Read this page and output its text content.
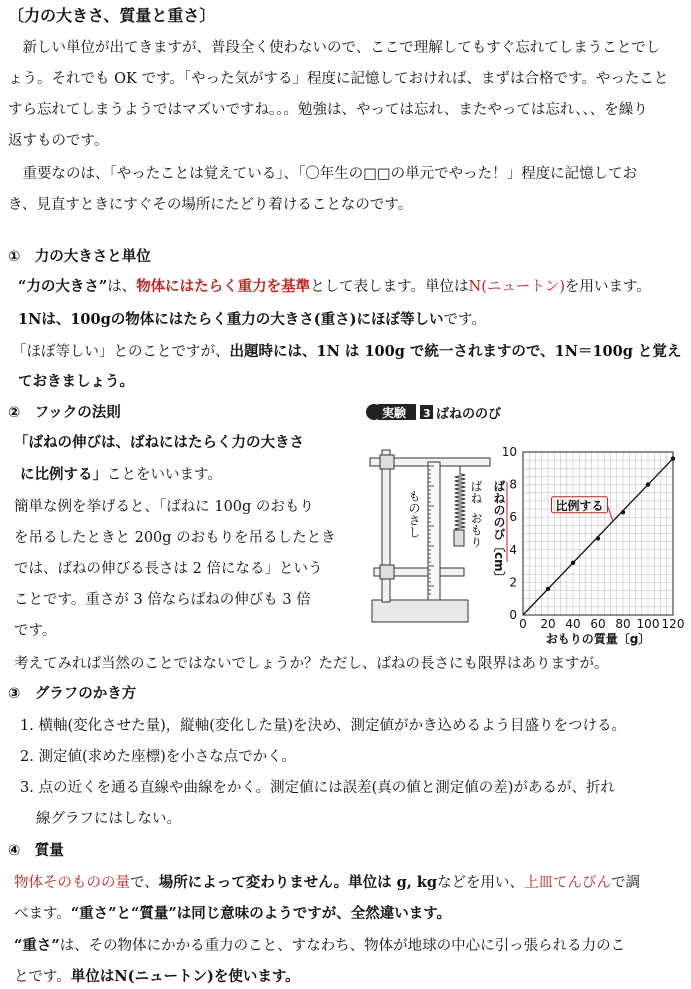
〔力の大きさ、質量と重さ〕
新しい単位が出てきますが、普段全く使わないので、ここで理解してもすぐ忘れてしまうことでし
ょう。それでも OK です。「やった気がする」程度に記憶しておければ、まずは合格です。やったこと
すら忘れてしまうようではマズいですね。。。勉強は、やっては忘れ、またやっては忘れ、、、を繰り
返すものです。
重要なのは、「やったことは覚えている」、「〇年生の□□の単元でやった！」程度に記憶してお
き、見直すときにすぐその場所にたどり着けることなのです。
①　力の大きさと単位
“力の大きさ”は、物体にはたらく重力を基準として表します。単位はN(ニュートン)を用います。
1Nは、100gの物体にはたらく重力の大きさ(重さ)にほぼ等しいです。
「ほぼ等しい」とのことですが、出題時には、1N は 100g で統一されますので、1N＝100g と覚え
ておきましょう。
②　フックの法則
「ばねの伸びは、ばねにはたらく力の大きさ
に比例する」ことをいいます。
簡単な例を挙げると、「ばねに 100g のおもり
を吊るしたときと 200g のおもりを吊るしたとき
では、ばねの伸びる長さは 2 倍になる」という
ことです。重さが 3 倍ならばねの伸びも 3 倍
です。
考えてみれば当然のことではないでしょうか？ただし、ばねの長さにも限界はありますが。
実験 3 ばねののび
ものさし	ばね
おもり
0 20 40 60 80 100 120
0
2
4
6
8
10
比例する
おもりの質量〔g〕
ばねののび〔cm〕
③　グラフのかき方
1. 横軸(変化させた量)，縦軸(変化した量)を決め、測定値がかき込めるよう目盛りをつける。
2. 測定値(求めた座標)を小さな点でかく。
3. 点の近くを通る直線や曲線をかく。測定値には誤差(真の値と測定値の差)があるが、折れ
線グラフにはしない。
④　質量
物体そのものの量で、場所によって変わりません。単位は g, kgなどを用い、上皿てんびんで調
べます。“重さ”と“質量”は同じ意味のようですが、全然違います。
“重さ”は、その物体にかかる重力のこと、すなわち、物体が地球の中心に引っ張られる力のこ
とです。単位はN(ニュートン)を使います。
